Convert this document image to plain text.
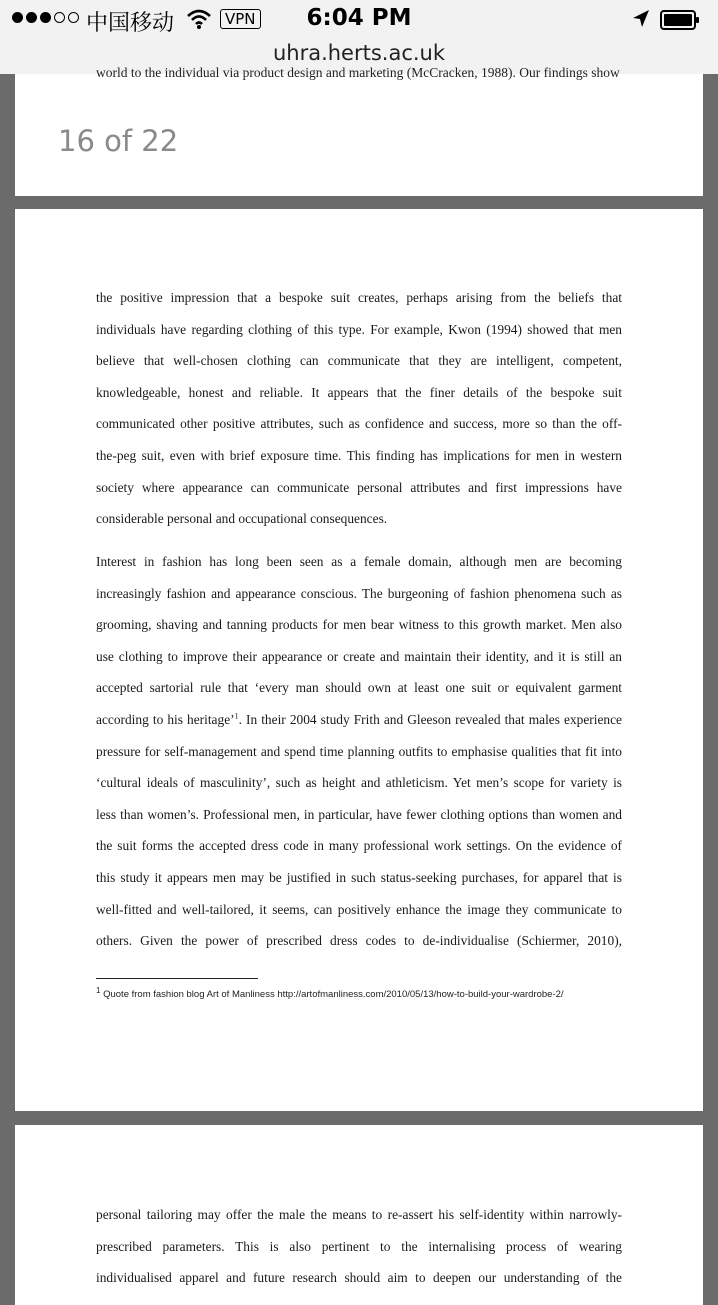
中国移动	VPN	6:04 PM
uhra.herts.ac.uk
world to the individual via product design and marketing (McCracken, 1988). Our findings show
16 of 22
the positive impression that a bespoke suit creates, perhaps arising from the beliefs that
individuals have regarding clothing of this type. For example, Kwon (1994) showed that men
believe that well-chosen clothing can communicate that they are intelligent, competent,
knowledgeable, honest and reliable. It appears that the finer details of the bespoke suit
communicated other positive attributes, such as confidence and success, more so than the off-
the-peg suit, even with brief exposure time. This finding has implications for men in western
society where appearance can communicate personal attributes and first impressions have
considerable personal and occupational consequences.
Interest in fashion has long been seen as a female domain, although men are becoming
increasingly fashion and appearance conscious. The burgeoning of fashion phenomena such as
grooming, shaving and tanning products for men bear witness to this growth market. Men also
use clothing to improve their appearance or create and maintain their identity, and it is still an
accepted sartorial rule that ‘every man should own at least one suit or equivalent garment
according to his heritage’$^1$. In their 2004 study Frith and Gleeson revealed that males experience
pressure for self-management and spend time planning outfits to emphasise qualities that fit into
‘cultural ideals of masculinity’, such as height and athleticism. Yet men’s scope for variety is
less than women’s. Professional men, in particular, have fewer clothing options than women and
the suit forms the accepted dress code in many professional work settings. On the evidence of
this study it appears men may be justified in such status-seeking purchases, for apparel that is
well-fitted and well-tailored, it seems, can positively enhance the image they communicate to
others. Given the power of prescribed dress codes to de-individualise (Schiermer, 2010),
$^1$ Quote from fashion blog Art of Manliness http://artofmanliness.com/2010/05/13/how-to-build-your-wardrobe-2/
personal tailoring may offer the male the means to re-assert his self-identity within narrowly-
prescribed parameters. This is also pertinent to the internalising process of wearing
individualised apparel and future research should aim to deepen our understanding of the
